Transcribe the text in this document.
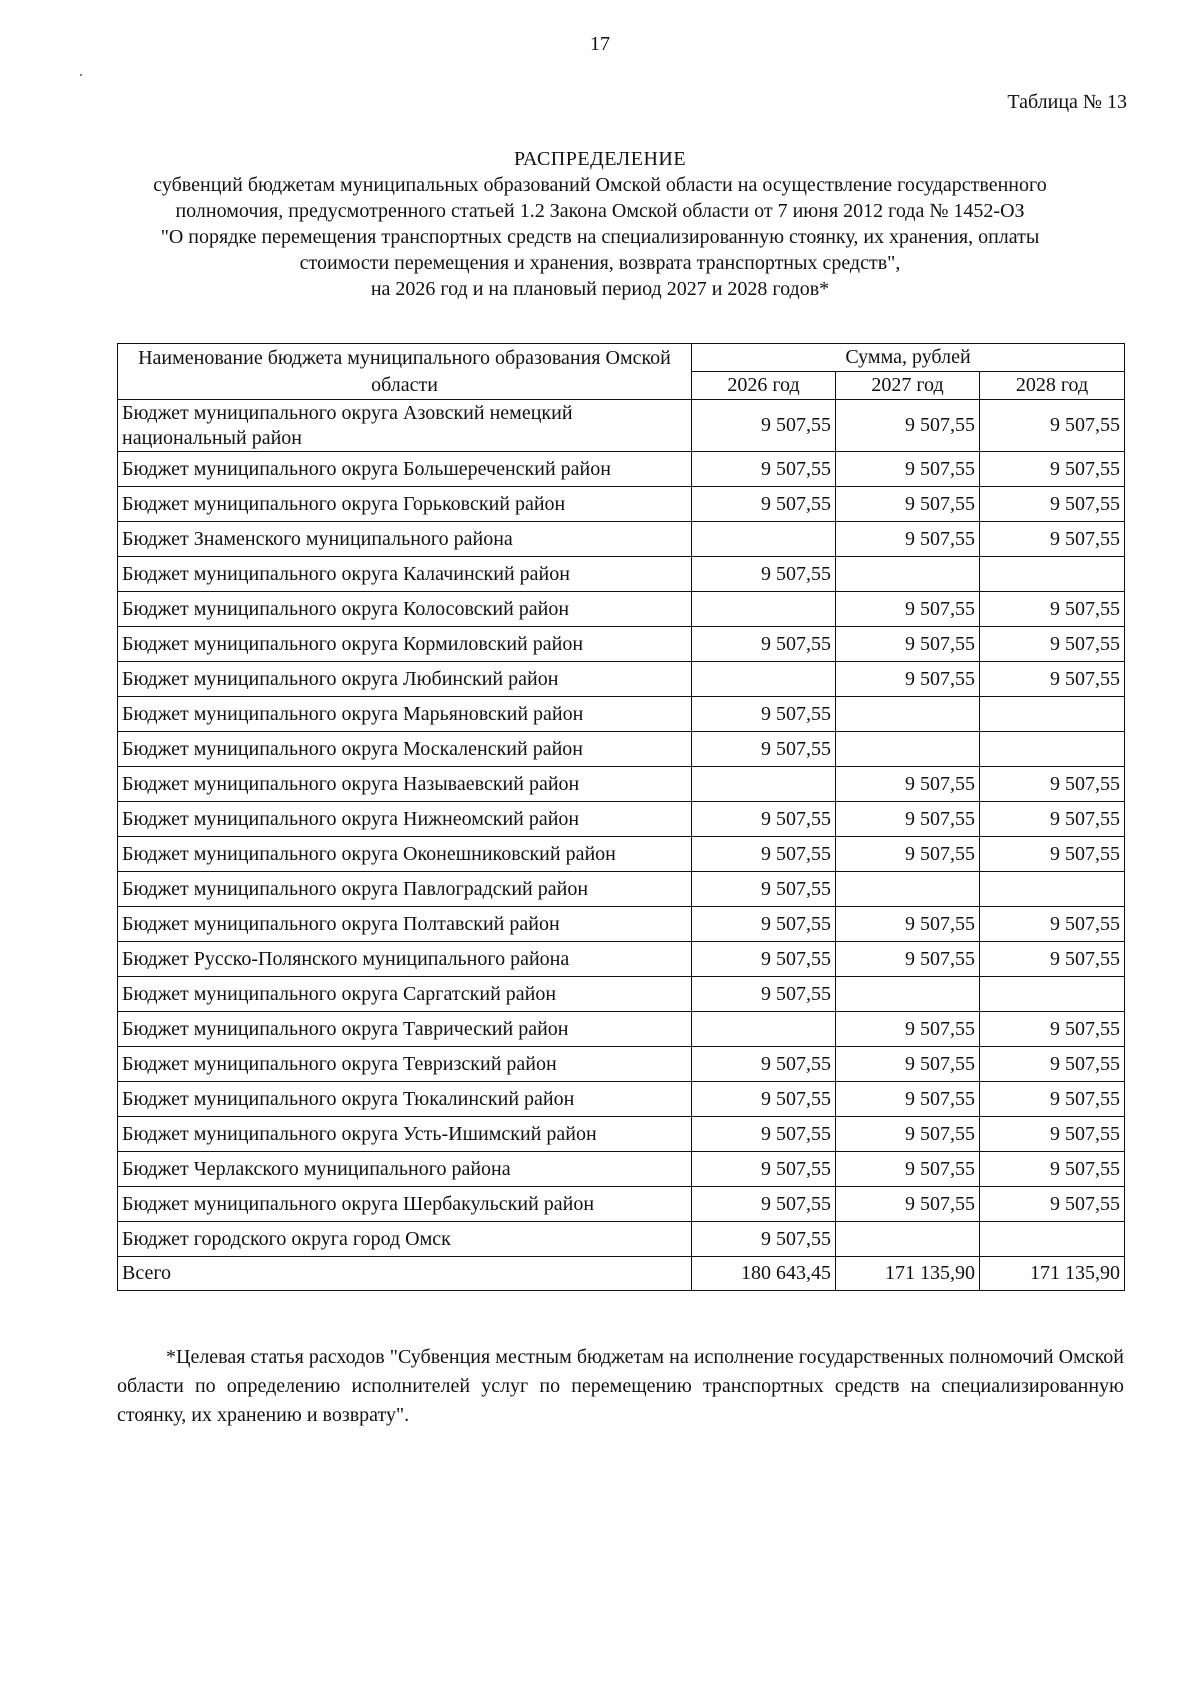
17
Таблица № 13
РАСПРЕДЕЛЕНИЕ
субвенций бюджетам муниципальных образований Омской области на осуществление государственного
полномочия, предусмотренного статьей 1.2 Закона Омской области от 7 июня 2012 года № 1452-ОЗ
"О порядке перемещения транспортных средств на специализированную стоянку, их хранения, оплаты
стоимости перемещения и хранения, возврата транспортных средств",
на 2026 год и на плановый период 2027 и 2028 годов*
Наименование бюджета муниципального образования Омской области	Сумма, рублей		
	2026 год	2027 год	2028 год
Бюджет муниципального округа Азовский немецкий национальный район	9 507,55	9 507,55	9 507,55
Бюджет муниципального округа Большереченский район	9 507,55	9 507,55	9 507,55
Бюджет муниципального округа Горьковский район	9 507,55	9 507,55	9 507,55
Бюджет Знаменского муниципального района		9 507,55	9 507,55
Бюджет муниципального округа Калачинский район	9 507,55		
Бюджет муниципального округа Колосовский район		9 507,55	9 507,55
Бюджет муниципального округа Кормиловский район	9 507,55	9 507,55	9 507,55
Бюджет муниципального округа Любинский район		9 507,55	9 507,55
Бюджет муниципального округа Марьяновский район	9 507,55		
Бюджет муниципального округа Москаленский район	9 507,55		
Бюджет муниципального округа Называевский район		9 507,55	9 507,55
Бюджет муниципального округа Нижнеомский район	9 507,55	9 507,55	9 507,55
Бюджет муниципального округа Оконешниковский район	9 507,55	9 507,55	9 507,55
Бюджет муниципального округа Павлоградский район	9 507,55		
Бюджет муниципального округа Полтавский район	9 507,55	9 507,55	9 507,55
Бюджет Русско-Полянского муниципального района	9 507,55	9 507,55	9 507,55
Бюджет муниципального округа Саргатский район	9 507,55		
Бюджет муниципального округа Таврический район		9 507,55	9 507,55
Бюджет муниципального округа Тевризский район	9 507,55	9 507,55	9 507,55
Бюджет муниципального округа Тюкалинский район	9 507,55	9 507,55	9 507,55
Бюджет муниципального округа Усть-Ишимский район	9 507,55	9 507,55	9 507,55
Бюджет Черлакского муниципального района	9 507,55	9 507,55	9 507,55
Бюджет муниципального округа Шербакульский район	9 507,55	9 507,55	9 507,55
Бюджет городского округа город Омск	9 507,55		
Всего	180 643,45	171 135,90	171 135,90
*Целевая статья расходов "Субвенция местным бюджетам на исполнение государственных полномочий Омской области по определению исполнителей услуг по перемещению транспортных средств на специализированную стоянку, их хранению и возврату".
